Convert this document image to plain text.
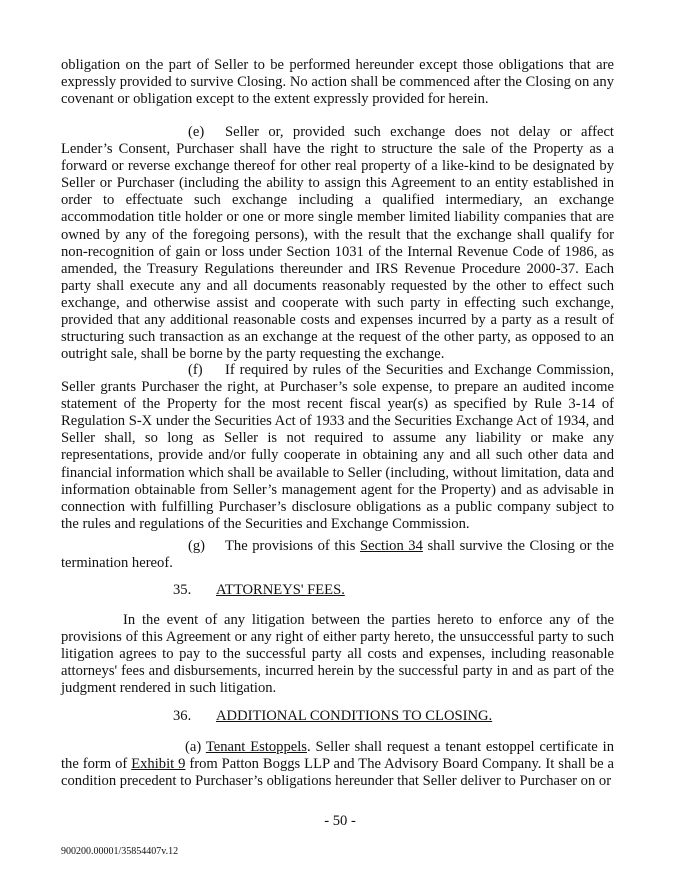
obligation on the part of Seller to be performed hereunder except those obligations that are expressly provided to survive Closing. No action shall be commenced after the Closing on any covenant or obligation except to the extent expressly provided for herein.

(e) Seller or, provided such exchange does not delay or affect Lender’s Consent, Purchaser shall have the right to structure the sale of the Property as a forward or reverse exchange thereof for other real property of a like-kind to be designated by Seller or Purchaser (including the ability to assign this Agreement to an entity established in order to effectuate such exchange including a qualified intermediary, an exchange accommodation title holder or one or more single member limited liability companies that are owned by any of the foregoing persons), with the result that the exchange shall qualify for non-recognition of gain or loss under Section 1031 of the Internal Revenue Code of 1986, as amended, the Treasury Regulations thereunder and IRS Revenue Procedure 2000-37. Each party shall execute any and all documents reasonably requested by the other to effect such exchange, and otherwise assist and cooperate with such party in effecting such exchange, provided that any additional reasonable costs and expenses incurred by a party as a result of structuring such transaction as an exchange at the request of the other party, as opposed to an outright sale, shall be borne by the party requesting the exchange.

(f) If required by rules of the Securities and Exchange Commission, Seller grants Purchaser the right, at Purchaser’s sole expense, to prepare an audited income statement of the Property for the most recent fiscal year(s) as specified by Rule 3-14 of Regulation S-X under the Securities Act of 1933 and the Securities Exchange Act of 1934, and Seller shall, so long as Seller is not required to assume any liability or make any representations, provide and/or fully cooperate in obtaining any and all such other data and financial information which shall be available to Seller (including, without limitation, data and information obtainable from Seller’s management agent for the Property) and as advisable in connection with fulfilling Purchaser’s disclosure obligations as a public company subject to the rules and regulations of the Securities and Exchange Commission.

(g) The provisions of this Section 34 shall survive the Closing or the termination hereof.

35. ATTORNEYS' FEES.

In the event of any litigation between the parties hereto to enforce any of the provisions of this Agreement or any right of either party hereto, the unsuccessful party to such litigation agrees to pay to the successful party all costs and expenses, including reasonable attorneys' fees and disbursements, incurred herein by the successful party in and as part of the judgment rendered in such litigation.

36. ADDITIONAL CONDITIONS TO CLOSING.

(a) Tenant Estoppels. Seller shall request a tenant estoppel certificate in the form of Exhibit 9 from Patton Boggs LLP and The Advisory Board Company. It shall be a condition precedent to Purchaser’s obligations hereunder that Seller deliver to Purchaser on or

- 50 -
900200.00001/35854407v.12
